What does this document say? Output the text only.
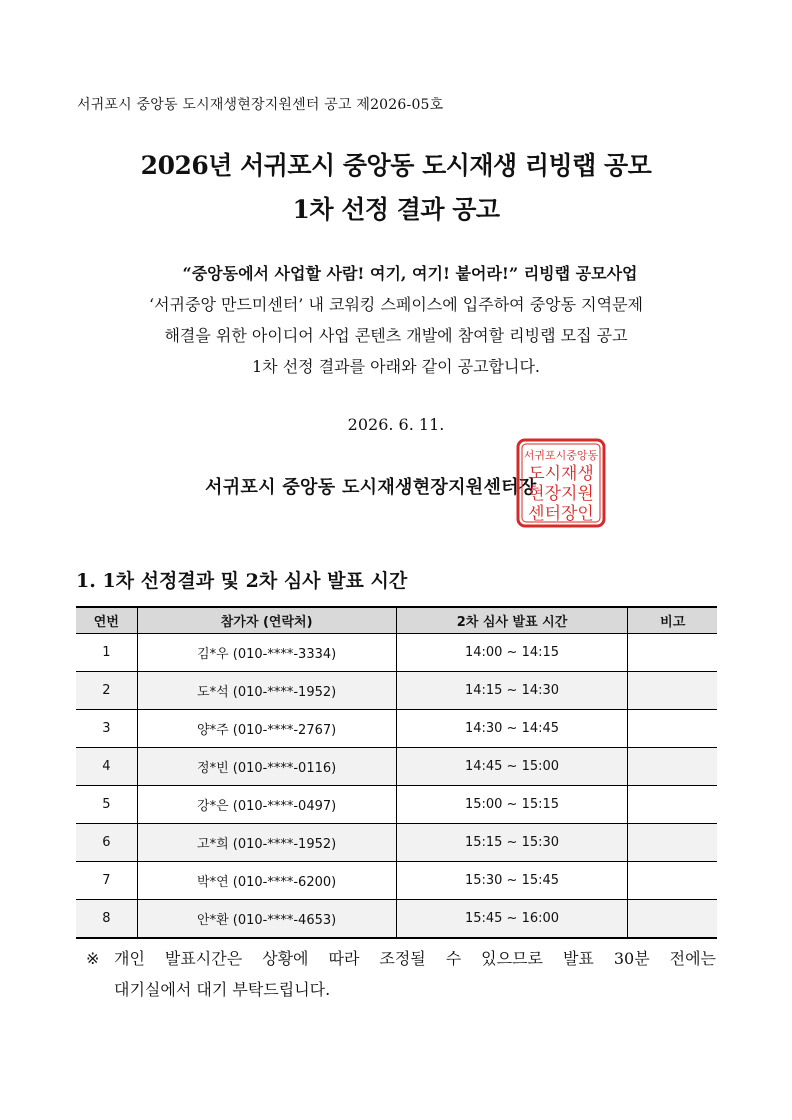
서귀포시 중앙동 도시재생현장지원센터 공고 제2026-05호
2026년 서귀포시 중앙동 도시재생 리빙랩 공모
1차 선정 결과 공고
“중앙동에서 사업할 사람! 여기, 여기! 붙어라!” 리빙랩 공모사업
‘서귀중앙 만드미센터’ 내 코워킹 스페이스에 입주하여 중앙동 지역문제
해결을 위한 아이디어 사업 콘텐츠 개발에 참여할 리빙랩 모집 공고
1차 선정 결과를 아래와 같이 공고합니다.
2026. 6. 11.
서귀포시 중앙동 도시재생현장지원센터장
서귀포시중앙동
도시재생
현장지원
센터장인
1. 1차 선정결과 및 2차 심사 발표 시간
연번	참가자 (연락처)	2차 심사 발표 시간	비고
1	김*우 (010-****-3334)	14:00 ~ 14:15	
2	도*석 (010-****-1952)	14:15 ~ 14:30	
3	양*주 (010-****-2767)	14:30 ~ 14:45	
4	정*빈 (010-****-0116)	14:45 ~ 15:00	
5	강*은 (010-****-0497)	15:00 ~ 15:15	
6	고*희 (010-****-1952)	15:15 ~ 15:30	
7	박*연 (010-****-6200)	15:30 ~ 15:45	
8	안*환 (010-****-4653)	15:45 ~ 16:00	
※ 개인 발표시간은 상황에 따라 조정될 수 있으므로 발표 30분 전에는
대기실에서 대기 부탁드립니다.
